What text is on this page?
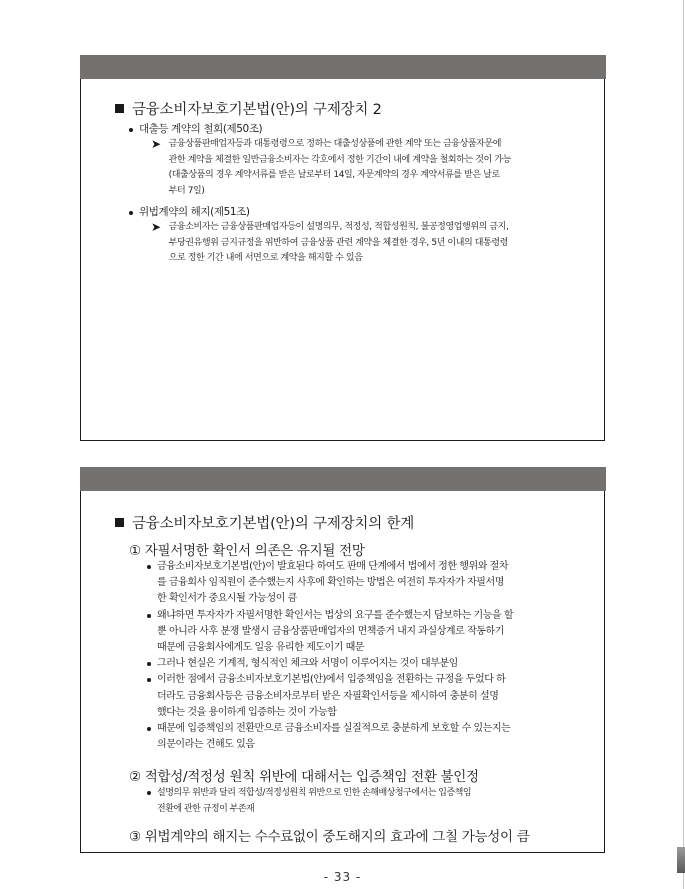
금융소비자보호기본법(안)의 구제장치 2
대출등 계약의 철회(제50조)
➤ 금융상품판매업자등과 대통령령으로 정하는 대출성상품에 관한 계약 또는 금융상품자문에
관한 계약을 체결한 일반금융소비자는 각호에서 정한 기간이 내에 계약을 철회하는 것이 가능
(대출상품의 경우 계약서류를 받은 날로부터 14일, 자문계약의 경우 계약서류를 받은 날로
부터 7일)
위법계약의 해지(제51조)
➤ 금융소비자는 금융상품판매업자등이 설명의무, 적정성, 적합성원칙, 불공정영업행위의 금지,
부당권유행위 금지규정을 위반하여 금융상품 관련 계약을 체결한 경우, 5년 이내의 대통령령
으로 정한 기간 내에 서면으로 계약을 해지할 수 있음
금융소비자보호기본법(안)의 구제장치의 한계
① 자필서명한 확인서 의존은 유지될 전망
금융소비자보호기본법(안)이 발효된다 하여도 판매 단계에서 법에서 정한 행위와 절차
를 금융회사 임직원이 준수했는지 사후에 확인하는 방법은 여전히 투자자가 자필서명
한 확인서가 중요시될 가능성이 큼
왜냐하면 투자자가 자필서명한 확인서는 법상의 요구를 준수했는지 담보하는 기능을 할
뿐 아니라 사후 분쟁 발생시 금융상품판매업자의 면책증거 내지 과실상계로 작동하기
때문에 금융회사에게도 일응 유리한 제도이기 때문
그러나 현실은 기계적, 형식적인 체크와 서명이 이루어지는 것이 대부분임
이러한 점에서 금융소비자보호기본법(안)에서 입증책임을 전환하는 규정을 두었다 하
더라도 금융회사등은 금융소비자로부터 받은 자필확인서등을 제시하여 충분히 설명
했다는 것을 용이하게 입증하는 것이 가능함
때문에 입증책임의 전환만으로 금융소비자를 실질적으로 충분하게 보호할 수 있는지는
의문이라는 견해도 있음
② 적합성/적정성 원칙 위반에 대해서는 입증책임 전환 불인정
설명의무 위반과 달리 적합성/적정성원칙 위반으로 인한 손해배상청구에서는 입증책임
전환에 관한 규정이 부존재
③ 위법계약의 해지는 수수료없이 중도해지의 효과에 그칠 가능성이 큼
- 33 -
